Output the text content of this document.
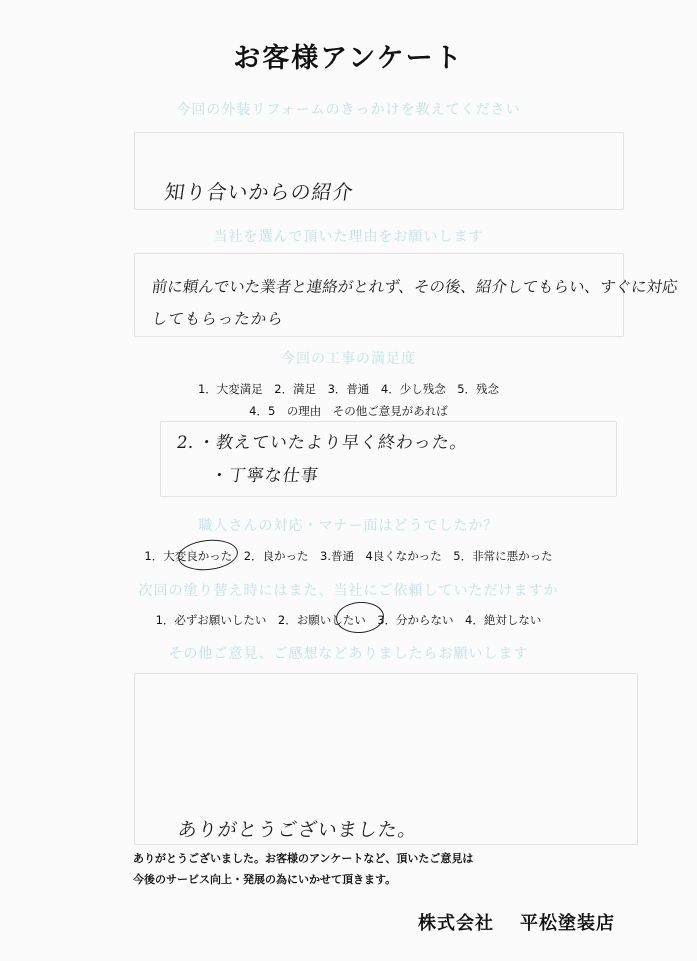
お客様アンケート
今回の外装リフォームのきっかけを教えてください
知り合いからの紹介
当社を選んで頂いた理由をお願いします
前に頼んでいた業者と連絡がとれず、その後、紹介してもらい、すぐに対応
してもらったから
今回の工事の満足度
1．大変満足　2．満足　3．普通　4．少し残念　5．残念
4．5　の理由　その他ご意見があれば
2．・教えていたより早く終わった。
・丁寧な仕事
職人さんの対応・マナー面はどうでしたか？
1．大変良かった　2．良かった　3.普通　4良くなかった　5．非常に悪かった
次回の塗り替え時にはまた、当社にご依頼していただけますか
1．必ずお願いしたい　2．お願いしたい　3．分からない　4．絶対しない
その他ご意見、ご感想などありましたらお願いします
ありがとうございました。
ありがとうございました。お客様のアンケートなど、頂いたご意見は
今後のサービス向上・発展の為にいかせて頂きます。
株式会社 平松塗装店
